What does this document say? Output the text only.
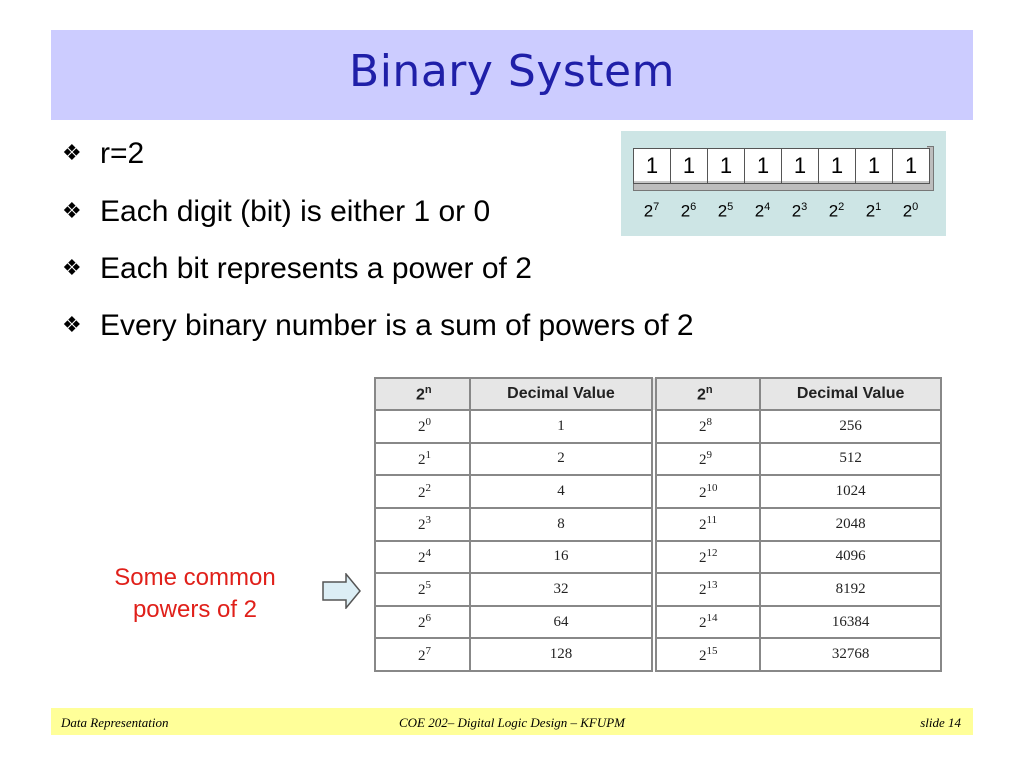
Binary System
❖ r=2
❖ Each digit (bit) is either 1 or 0
❖ Each bit represents a power of 2
❖ Every binary number is a sum of powers of 2
1	1	1	1	1	1	1	1
$2^7$	$2^6$	$2^5$	$2^4$	$2^3$	$2^2$	$2^1$	$2^0$
2$^n$	Decimal Value	2$^n$	Decimal Value
$2^0$	1	$2^8$	256
$2^1$	2	$2^9$	512
$2^2$	4	$2^{10}$	1024
$2^3$	8	$2^{11}$	2048
$2^4$	16	$2^{12}$	4096
$2^5$	32	$2^{13}$	8192
$2^6$	64	$2^{14}$	16384
$2^7$	128	$2^{15}$	32768
Some common
powers of 2
Data Representation	COE 202– Digital Logic Design – KFUPM	slide 14
